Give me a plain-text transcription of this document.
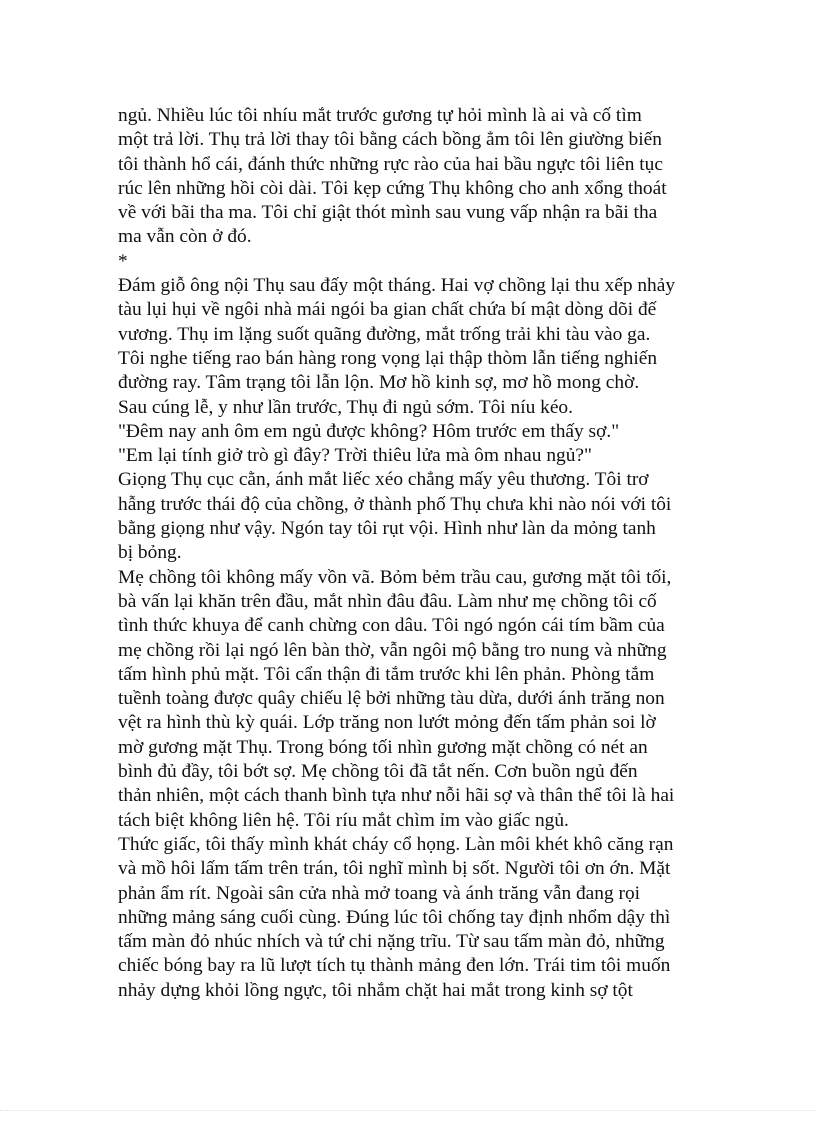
ngủ. Nhiều lúc tôi nhíu mắt trước gương tự hỏi mình là ai và cố tìm
một trả lời. Thụ trả lời thay tôi bằng cách bồng ẳm tôi lên giường biến
tôi thành hổ cái, đánh thức những rực rào của hai bầu ngực tôi liên tục
rúc lên những hồi còi dài. Tôi kẹp cứng Thụ không cho anh xổng thoát
về với bãi tha ma. Tôi chỉ giật thót mình sau vung vấp nhận ra bãi tha
ma vẫn còn ở đó.
*
Đám giỗ ông nội Thụ sau đấy một tháng. Hai vợ chồng lại thu xếp nhảy
tàu lụi hụi về ngôi nhà mái ngói ba gian chất chứa bí mật dòng dõi đế
vương. Thụ im lặng suốt quãng đường, mắt trống trải khi tàu vào ga.
Tôi nghe tiếng rao bán hàng rong vọng lại thập thòm lẫn tiếng nghiến
đường ray. Tâm trạng tôi lẫn lộn. Mơ hồ kinh sợ, mơ hồ mong chờ.
Sau cúng lễ, y như lần trước, Thụ đi ngủ sớm. Tôi níu kéo.
"Đêm nay anh ôm em ngủ được không? Hôm trước em thấy sợ."
"Em lại tính giở trò gì đây? Trời thiêu lửa mà ôm nhau ngủ?"
Giọng Thụ cục cằn, ánh mắt liếc xéo chẳng mấy yêu thương. Tôi trơ
hẫng trước thái độ của chồng, ở thành phố Thụ chưa khi nào nói với tôi
bằng giọng như vậy. Ngón tay tôi rụt vội. Hình như làn da mỏng tanh
bị bỏng.
Mẹ chồng tôi không mấy vồn vã. Bỏm bẻm trầu cau, gương mặt tôi tối,
bà vấn lại khăn trên đầu, mắt nhìn đâu đâu. Làm như mẹ chồng tôi cố
tình thức khuya để canh chừng con dâu. Tôi ngó ngón cái tím bầm của
mẹ chồng rồi lại ngó lên bàn thờ, vẫn ngôi mộ bằng tro nung và những
tấm hình phủ mặt. Tôi cẩn thận đi tắm trước khi lên phản. Phòng tắm
tuềnh toàng được quây chiếu lệ bởi những tàu dừa, dưới ánh trăng non
vệt ra hình thù kỳ quái. Lớp trăng non lướt mỏng đến tấm phản soi lờ
mờ gương mặt Thụ. Trong bóng tối nhìn gương mặt chồng có nét an
bình đủ đầy, tôi bớt sợ. Mẹ chồng tôi đã tắt nến. Cơn buồn ngủ đến
thản nhiên, một cách thanh bình tựa như nỗi hãi sợ và thân thể tôi là hai
tách biệt không liên hệ. Tôi ríu mắt chìm ỉm vào giấc ngủ.
Thức giấc, tôi thấy mình khát cháy cổ họng. Làn môi khét khô căng rạn
và mồ hôi lấm tấm trên trán, tôi nghĩ mình bị sốt. Người tôi ơn ớn. Mặt
phản ẩm rít. Ngoài sân cửa nhà mở toang và ánh trăng vẫn đang rọi
những mảng sáng cuối cùng. Đúng lúc tôi chống tay định nhổm dậy thì
tấm màn đỏ nhúc nhích và tứ chi nặng trĩu. Từ sau tấm màn đỏ, những
chiếc bóng bay ra lũ lượt tích tụ thành mảng đen lớn. Trái tim tôi muốn
nhảy dựng khỏi lồng ngực, tôi nhắm chặt hai mắt trong kinh sợ tột
